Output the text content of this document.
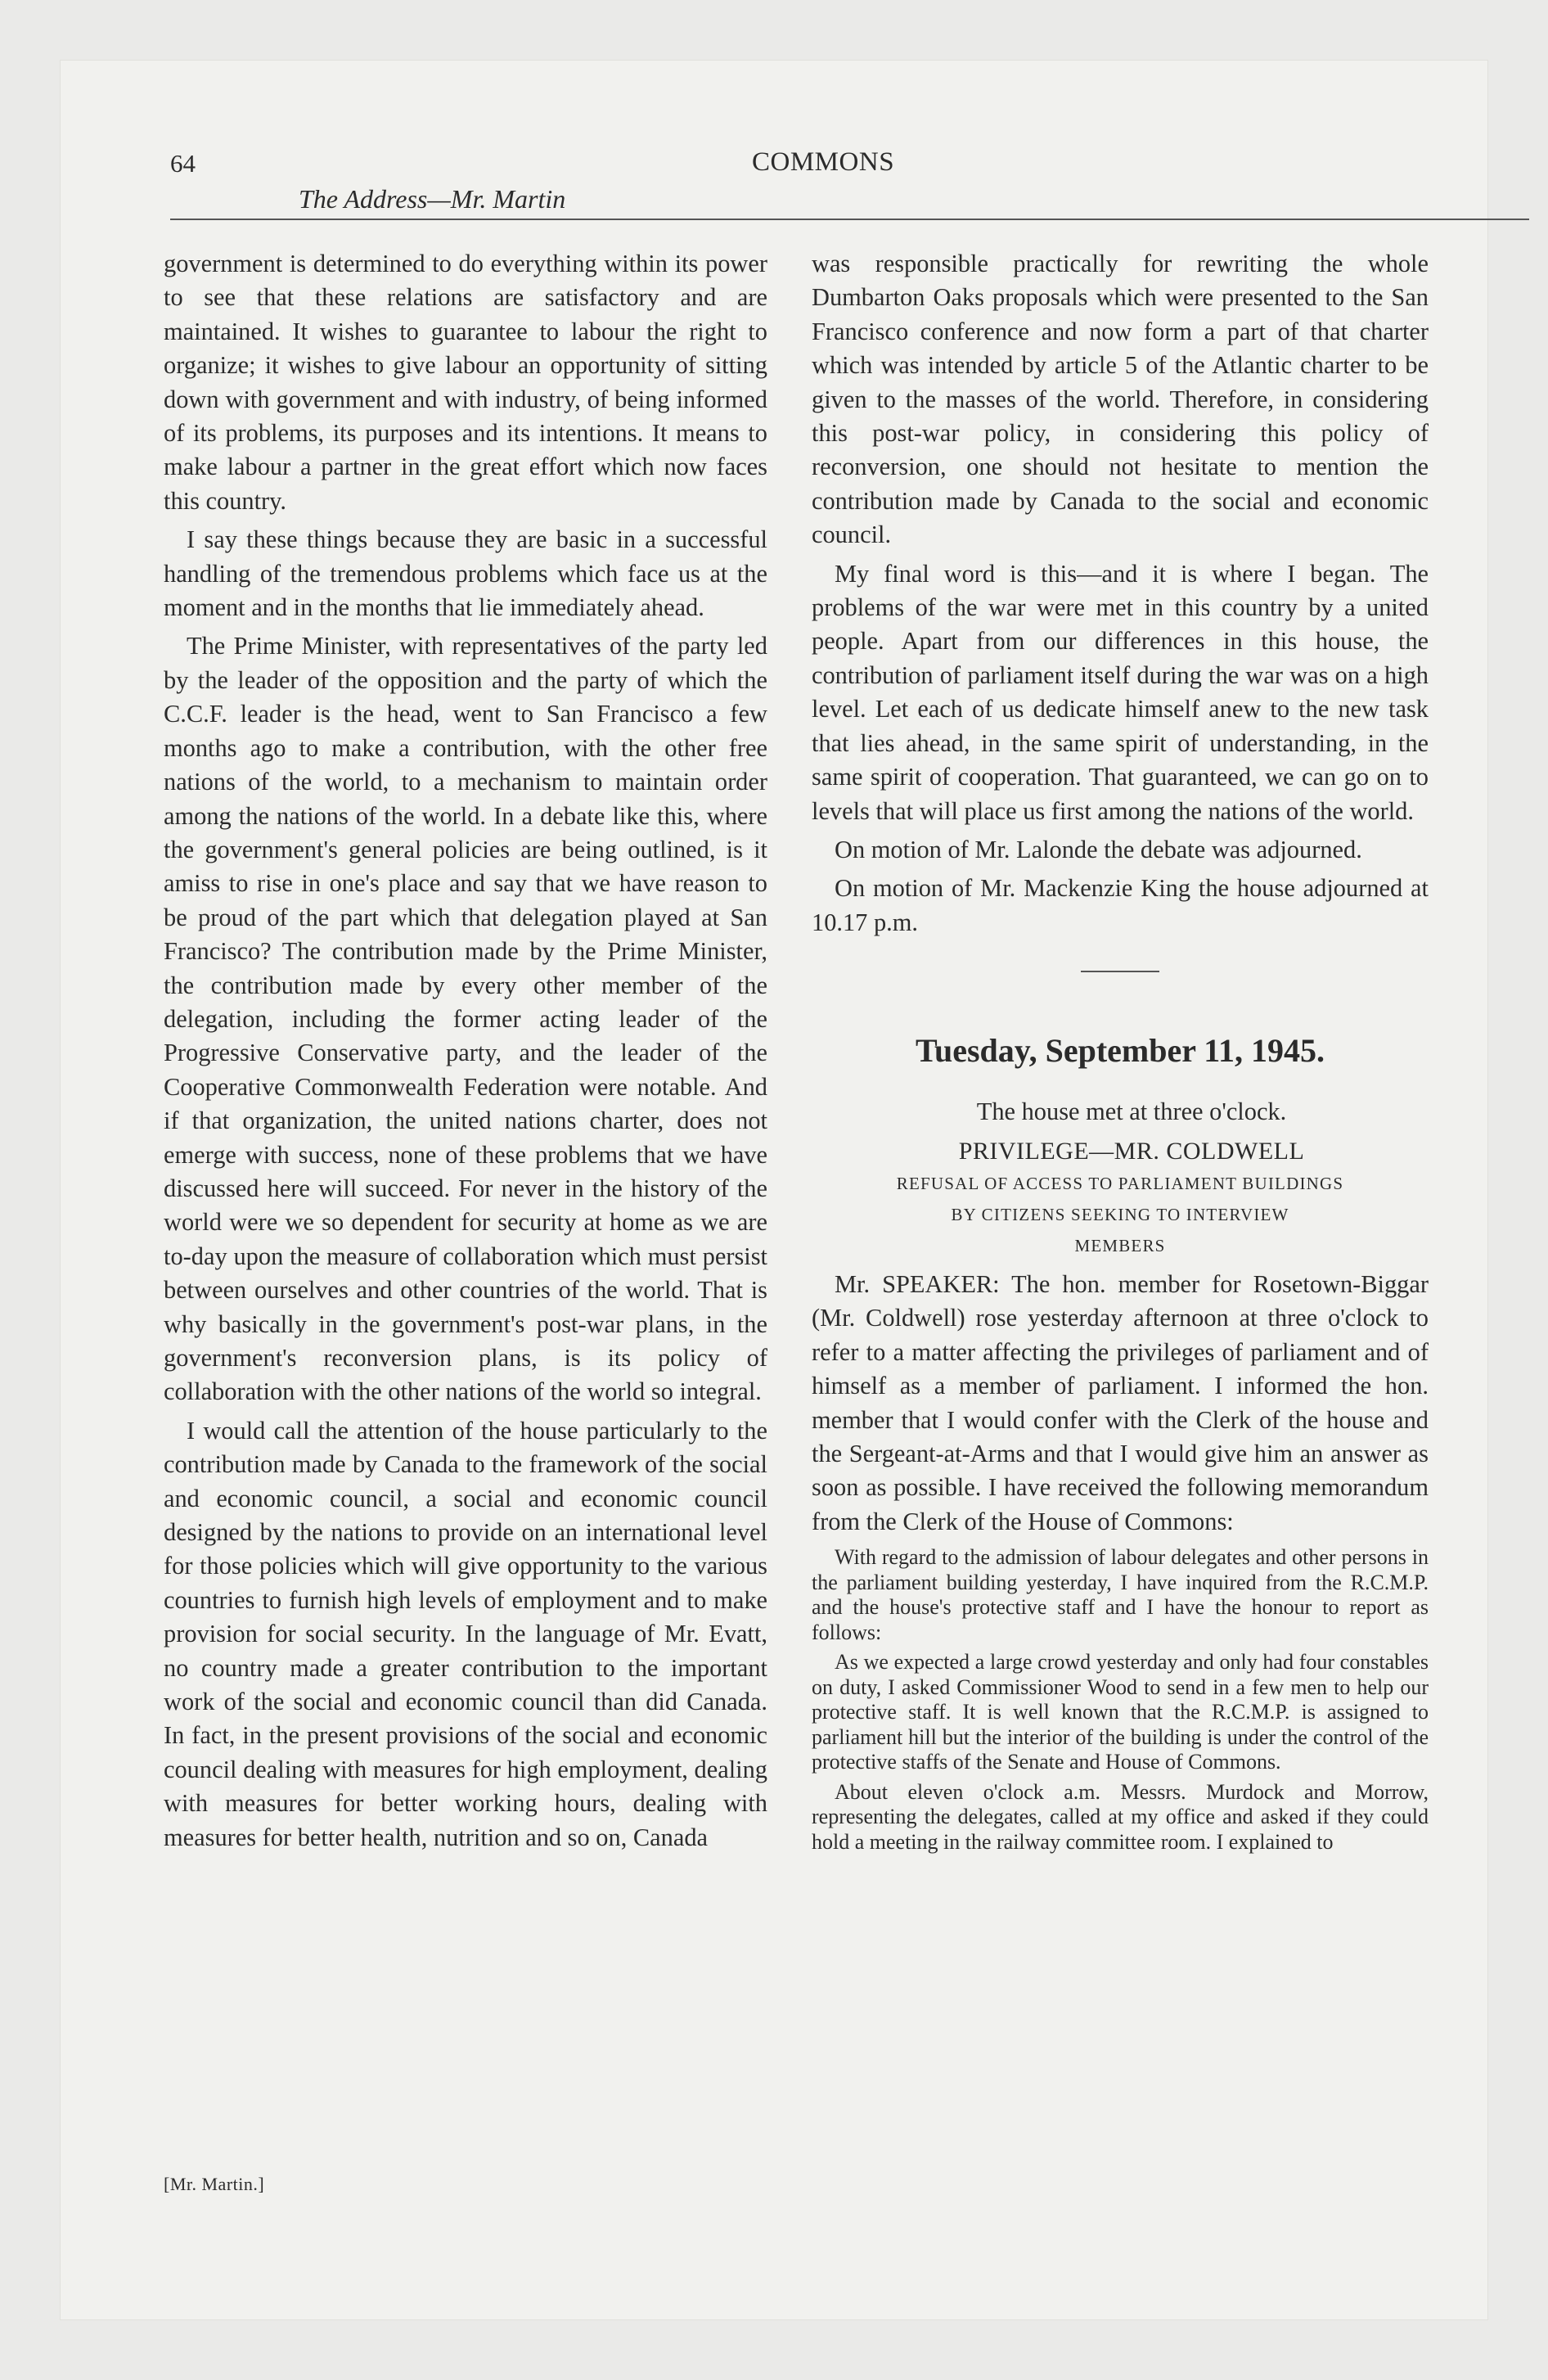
64	COMMONS
The Address—Mr. Martin

government is determined to do everything within its power to see that these relations are satisfactory and are maintained. It wishes to guarantee to labour the right to organize; it wishes to give labour an opportunity of sitting down with government and with industry, of being informed of its problems, its purposes and its intentions. It means to make labour a partner in the great effort which now faces this country.

I say these things because they are basic in a successful handling of the tremendous problems which face us at the moment and in the months that lie immediately ahead.

The Prime Minister, with representatives of the party led by the leader of the opposition and the party of which the C.C.F. leader is the head, went to San Francisco a few months ago to make a contribution, with the other free nations of the world, to a mechanism to maintain order among the nations of the world. In a debate like this, where the government's general policies are being outlined, is it amiss to rise in one's place and say that we have reason to be proud of the part which that delegation played at San Francisco? The contribution made by the Prime Minister, the contribution made by every other member of the delegation, including the former acting leader of the Progressive Conservative party, and the leader of the Cooperative Commonwealth Federation were notable. And if that organization, the united nations charter, does not emerge with success, none of these problems that we have discussed here will succeed. For never in the history of the world were we so dependent for security at home as we are to-day upon the measure of collaboration which must persist between ourselves and other countries of the world. That is why basically in the government's post-war plans, in the government's reconversion plans, is its policy of collaboration with the other nations of the world so integral.

I would call the attention of the house particularly to the contribution made by Canada to the framework of the social and economic council, a social and economic council designed by the nations to provide on an international level for those policies which will give opportunity to the various countries to furnish high levels of employment and to make provision for social security. In the language of Mr. Evatt, no country made a greater contribution to the important work of the social and economic council than did Canada. In fact, in the present provisions of the social and economic council dealing with measures for high employment, dealing with measures for better working hours, dealing with measures for better health, nutrition and so on, Canada

[Mr. Martin.]

was responsible practically for rewriting the whole Dumbarton Oaks proposals which were presented to the San Francisco conference and now form a part of that charter which was intended by article 5 of the Atlantic charter to be given to the masses of the world. Therefore, in considering this post-war policy, in considering this policy of reconversion, one should not hesitate to mention the contribution made by Canada to the social and economic council.

My final word is this—and it is where I began. The problems of the war were met in this country by a united people. Apart from our differences in this house, the contribution of parliament itself during the war was on a high level. Let each of us dedicate himself anew to the new task that lies ahead, in the same spirit of understanding, in the same spirit of cooperation. That guaranteed, we can go on to levels that will place us first among the nations of the world.

On motion of Mr. Lalonde the debate was adjourned.

On motion of Mr. Mackenzie King the house adjourned at 10.17 p.m.

Tuesday, September 11, 1945.

The house met at three o'clock.

PRIVILEGE—MR. COLDWELL

REFUSAL OF ACCESS TO PARLIAMENT BUILDINGS
BY CITIZENS SEEKING TO INTERVIEW
MEMBERS

Mr. SPEAKER: The hon. member for Rosetown-Biggar (Mr. Coldwell) rose yesterday afternoon at three o'clock to refer to a matter affecting the privileges of parliament and of himself as a member of parliament. I informed the hon. member that I would confer with the Clerk of the house and the Sergeant-at-Arms and that I would give him an answer as soon as possible. I have received the following memorandum from the Clerk of the House of Commons:

With regard to the admission of labour delegates and other persons in the parliament building yesterday, I have inquired from the R.C.M.P. and the house's protective staff and I have the honour to report as follows:

As we expected a large crowd yesterday and only had four constables on duty, I asked Commissioner Wood to send in a few men to help our protective staff. It is well known that the R.C.M.P. is assigned to parliament hill but the interior of the building is under the control of the protective staffs of the Senate and House of Commons.

About eleven o'clock a.m. Messrs. Murdock and Morrow, representing the delegates, called at my office and asked if they could hold a meeting in the railway committee room. I explained to
